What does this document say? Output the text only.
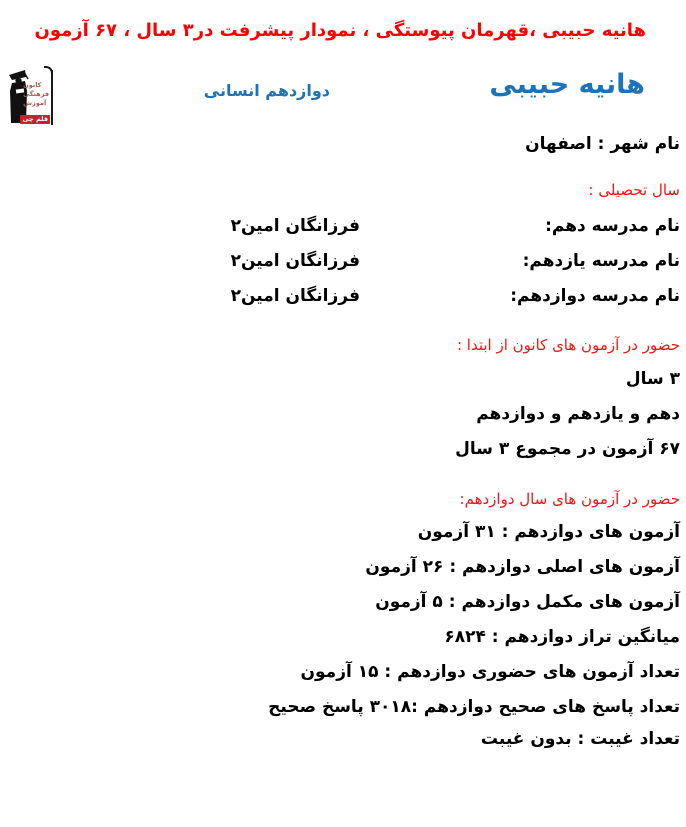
هانیه حبیبی ،قهرمان پیوستگی ، نمودار پیشرفت در۳ سال ، ۶۷ آزمون
کانون
فرهنگی
آموزش
قلم چی
هانیه حبیبی
دوازدهم انسانی
نام شهر : اصفهان
سال تحصیلی :
نام مدرسه دهم:
فرزانگان امین۲
نام مدرسه یازدهم:
فرزانگان امین۲
نام مدرسه دوازدهم:
فرزانگان امین۲
حضور در آزمون های کانون از ابتدا :
۳ سال
دهم و یازدهم و دوازدهم
۶۷ آزمون در مجموع ۳ سال
حضور در آزمون های سال دوازدهم:
آزمون های دوازدهم : ۳۱ آزمون
آزمون های اصلی دوازدهم : ۲۶ آزمون
آزمون های مکمل دوازدهم : ۵ آزمون
میانگین تراز دوازدهم : ۶۸۲۴
تعداد آزمون های حضوری دوازدهم : ۱۵ آزمون
تعداد پاسخ های صحیح دوازدهم :۳۰۱۸ پاسخ صحیح
تعداد غیبت : بدون غیبت
